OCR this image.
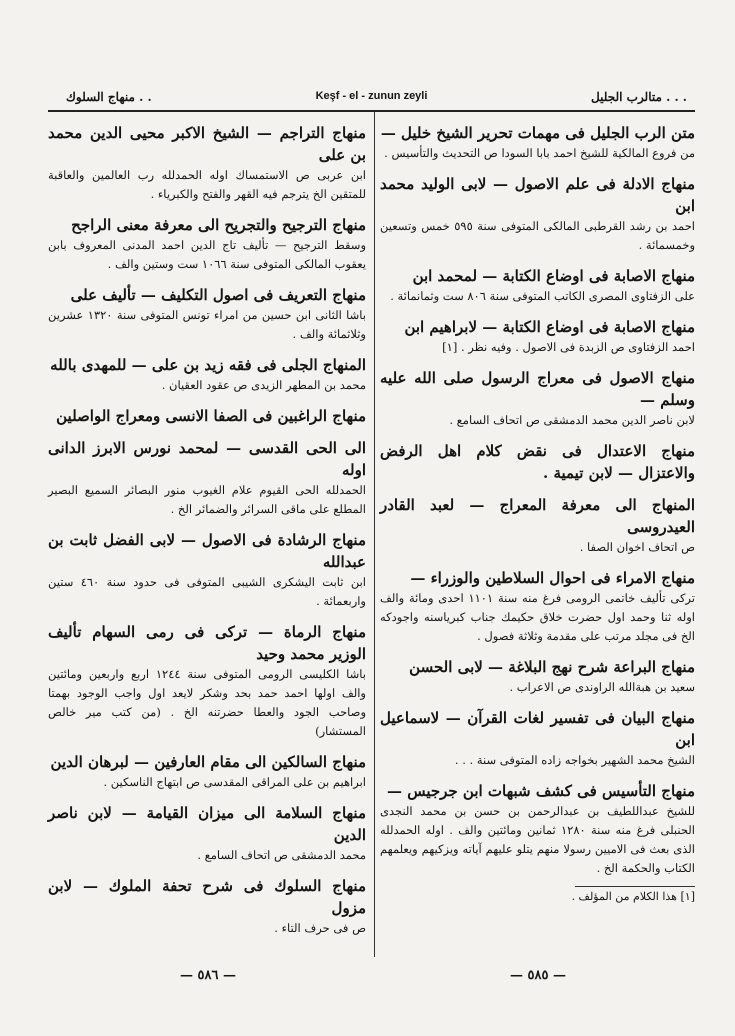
منهاج السلوك . .	Keşf - el - zunun zeyli	متالرب الجليل . . .
متن الرب الجليل فى مهمات تحرير الشيخ خليل —
من فروع المالكية للشيخ احمد بابا السودا ص التحديث والتأسيس .
منهاج الادلة فى علم الاصول — لابى الوليد محمد ابن
احمد بن رشد القرطبى المالكى المتوفى سنة ٥٩٥ خمس وتسعين وخمسمائة .
منهاج الاصابة فى اوضاع الكتابة — لمحمد ابن
على الزفتاوى المصرى الكاتب المتوفى سنة ٨٠٦ ست وثمانمائة .
منهاج الاصابة فى اوضاع الكتابة — لابراهيم ابن
احمد الزفتاوى ص الزبدة فى الاصول . وفيه نظر . [١]
منهاج الاصول فى معراج الرسول صلى الله عليه وسلم —
لابن ناصر الدين محمد الدمشقى ص اتحاف السامع .
منهاج الاعتدال فى نقض كلام اهل الرفض والاعتزال — لابن تيمية .
المنهاج الى معرفة المعراج — لعبد القادر العيدروسى
ص اتحاف اخوان الصفا .
منهاج الامراء فى احوال السلاطين والوزراء —
تركى تأليف خاتمى الرومى فرغ منه سنة ١١٠١ احدى ومائة والف اوله ثنا وحمد اول حضرت خلاق حكيمك جناب كبرياسنه واجودكه الخ فى مجلد مرتب على مقدمة وثلاثة فصول .
منهاج البراعة شرح نهج البلاغة — لابى الحسن
سعيد بن هبةالله الراوندى ص الاعراب .
منهاج البيان فى تفسير لغات القرآن — لاسماعيل ابن
الشيخ محمد الشهير بخواجه زاده المتوفى سنة . . .
منهاج التأسيس فى كشف شبهات ابن جرجيس —
للشيخ عبداللطيف بن عبدالرحمن بن حسن بن محمد النجدى الحنبلى فرغ منه سنة ١٢٨٠ ثمانين ومائتين والف . اوله الحمدلله الذى بعث فى الاميين رسولا منهم يتلو عليهم آياته ويزكيهم ويعلمهم الكتاب والحكمة الخ .
[١] هذا الكلام من المؤلف .
منهاج التراجم — الشيخ الاكبر محيى الدين محمد بن على
ابن عربى ص الاستمساك اوله الحمدلله رب العالمين والعاقبة للمتقين الخ يترجم فيه القهر والفتح والكبرياء .
منهاج الترجيح والتجريح الى معرفة معنى الراجح
وسقط الترجيح — تأليف تاج الدين احمد المدنى المعروف بابن يعقوب المالكى المتوفى سنة ١٠٦٦ ست وستين والف .
منهاج التعريف فى اصول التكليف — تأليف على
باشا الثانى ابن حسين من امراء تونس المتوفى سنة ١٣٢٠ عشرين وثلاثمائة والف .
المنهاج الجلى فى فقه زيد بن على — للمهدى بالله
محمد بن المطهر الزيدى ص عقود العقيان .
منهاج الراغبين فى الصفا الانسى ومعراج الواصلين
الى الحى القدسى — لمحمد نورس الابرز الدانى اوله
الحمدلله الحى القيوم علام الغيوب منور البصائر السميع البصير المطلع على ماقى السرائر والضمائر الخ .
منهاج الرشادة فى الاصول — لابى الفضل ثابت بن عبدالله
ابن ثابت اليشكرى الشيبى المتوفى فى حدود سنة ٤٦٠ ستين واربعمائة .
منهاج الرماة — تركى فى رمى السهام تأليف الوزير محمد وحيد
باشا الكليسى الرومى المتوفى سنة ١٢٤٤ اربع واربعين ومائتين والف اولها احمد حمد بحد وشكر لايعد اول واجب الوجود بهمتا وصاحب الجود والعطا حضرتنه الخ . (من كتب مير خالص المستشار)
منهاج السالكين الى مقام العارفين — لبرهان الدين
ابراهيم بن على المراقى المقدسى ص ابتهاج الناسكين .
منهاج السلامة الى ميزان القيامة — لابن ناصر الدين
محمد الدمشقى ص اتحاف السامع .
منهاج السلوك فى شرح تحفة الملوك — لابن مزول
ص فى حرف التاء .
— ٥٨٦ —	— ٥٨٥ —
